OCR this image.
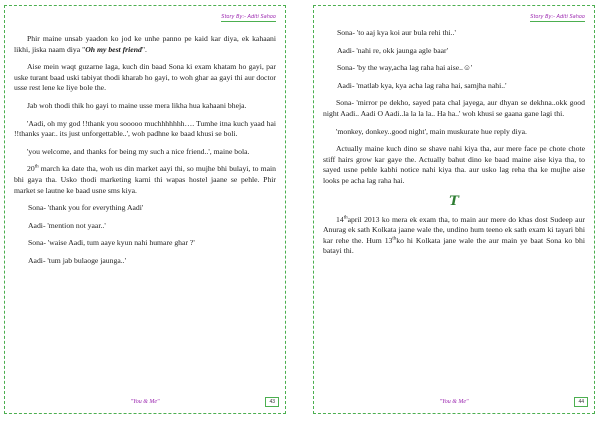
Story By:- Aditi Sahoo

Phir maine unsab yaadon ko jod ke unhe panno pe kaid kar diya, ek kahaani likhi, jiska naam diya "Oh my best friend".

Aise mein waqt guzarne laga, kuch din baad Sona ki exam khatam ho gayi, par uske turant baad uski tabiyat thodi kharab ho gayi, to woh ghar aa gayi thi aur doctor usse rest lene ke liye bole the.

Jab woh thodi thik ho gayi to maine usse mera likha hua kahaani bheja.

'Aadi, oh my god !!thank you sooooo muchhhhhhh…. Tumhe itna kuch yaad hai !!thanks yaar.. its just unforgettable..', woh padhne ke baad khusi se boli.

'you welcome, and thanks for being my such a nice friend..', maine bola.

20th march ka date tha, woh us din market aayi thi, so mujhe bhi bulayi, to main bhi gaya tha. Usko thodi marketing karni thi wapas hostel jaane se pehle. Phir market se lautne ke baad usne sms kiya.

Sona- 'thank you for everything Aadi'

Aadi- 'mention not yaar..'

Sona- 'waise Aadi, tum aaye kyun nahi humare ghar ?'

Aadi- 'tum jab bulaoge jaunga..'

"You & Me"	43
Story By:- Aditi Sahoo

Sona- 'to aaj kya koi aur bula rehi thi..'

Aadi- 'nahi re, okk jaunga agle baar'

Sona- 'by the way,acha lag raha hai aise..☺'

Aadi- 'matlab kya, kya acha lag raha hai, samjha nahi..'

Sona- 'mirror pe dekho, sayed pata chal jayega, aur dhyan se dekhna..okk good night Aadi.. Aadi O Aadi..la la la la.. Ha ha..' woh khusi se gaana gane lagi thi.

'monkey, donkey..good night', main muskurate hue reply diya.

Actually maine kuch dino se shave nahi kiya tha, aur mere face pe chote chote stiff hairs grow kar gaye the. Actually bahut dino ke baad maine aise kiya tha, to sayed usne pehle kabhi notice nahi kiya tha. aur usko lag reha tha ke mujhe aise looks pe acha lag raha hai.

T

14thapril 2013 ko mera ek exam tha, to main aur mere do khas dost Sudeep aur Anurag ek sath Kolkata jaane wale the, undino hum teeno ek sath exam ki tayari bhi kar rehe the. Hum 13thko hi Kolkata jane wale the aur main ye baat Sona ko bhi batayi thi.

"You & Me"	44
